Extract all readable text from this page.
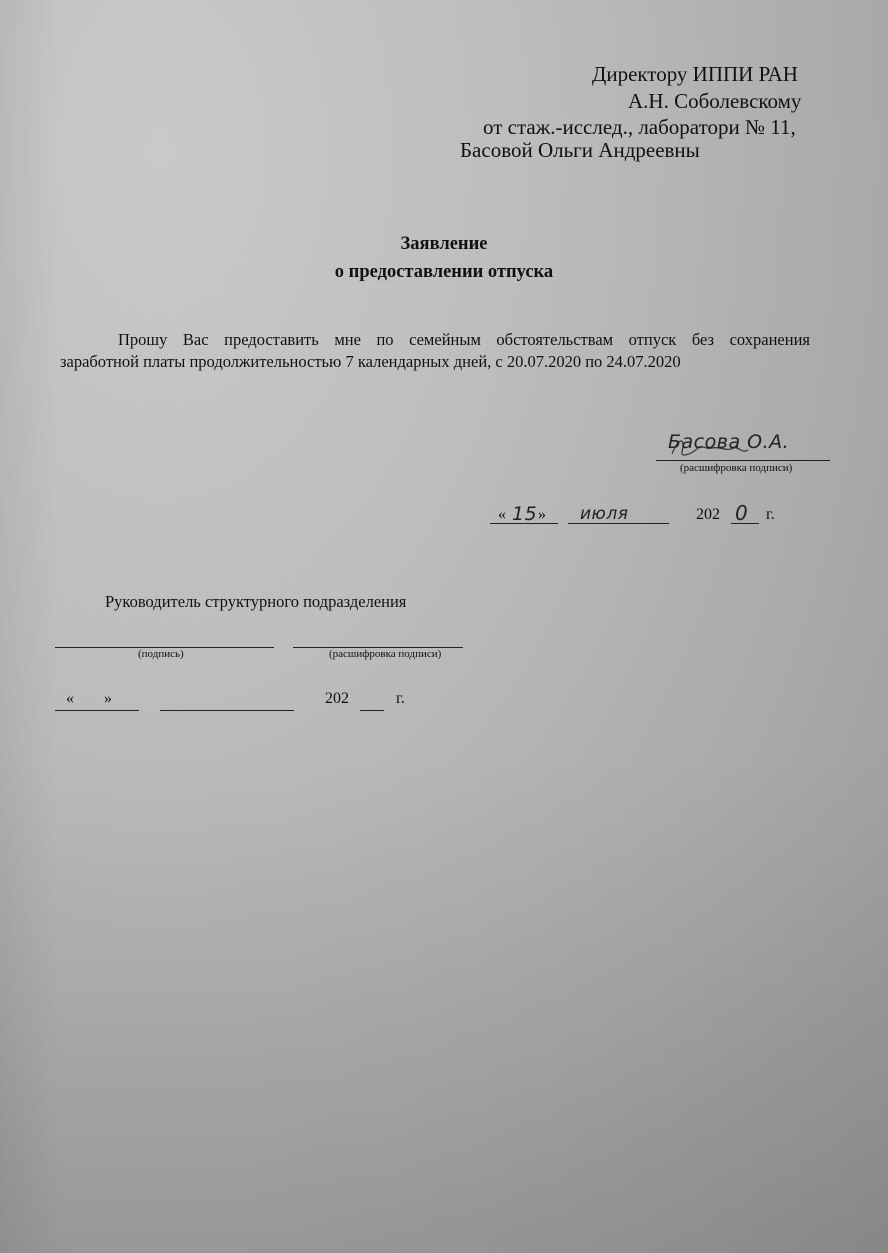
Директору ИППИ РАН
А.Н. Соболевскому
от стаж.-исслед., лаборатори № 11,
Басовой Ольги Андреевны
Заявление
о предоставлении отпуска
Прошу Вас предоставить мне по семейным обстоятельствам отпуск без сохранения
заработной платы продолжительностью 7 календарных дней, с 20.07.2020 по 24.07.2020
Басова О.А.
(расшифровка подписи)
« 15 » июля	202 0 г.
Руководитель структурного подразделения
(подпись)	(расшифровка подписи)
« »	202	г.
